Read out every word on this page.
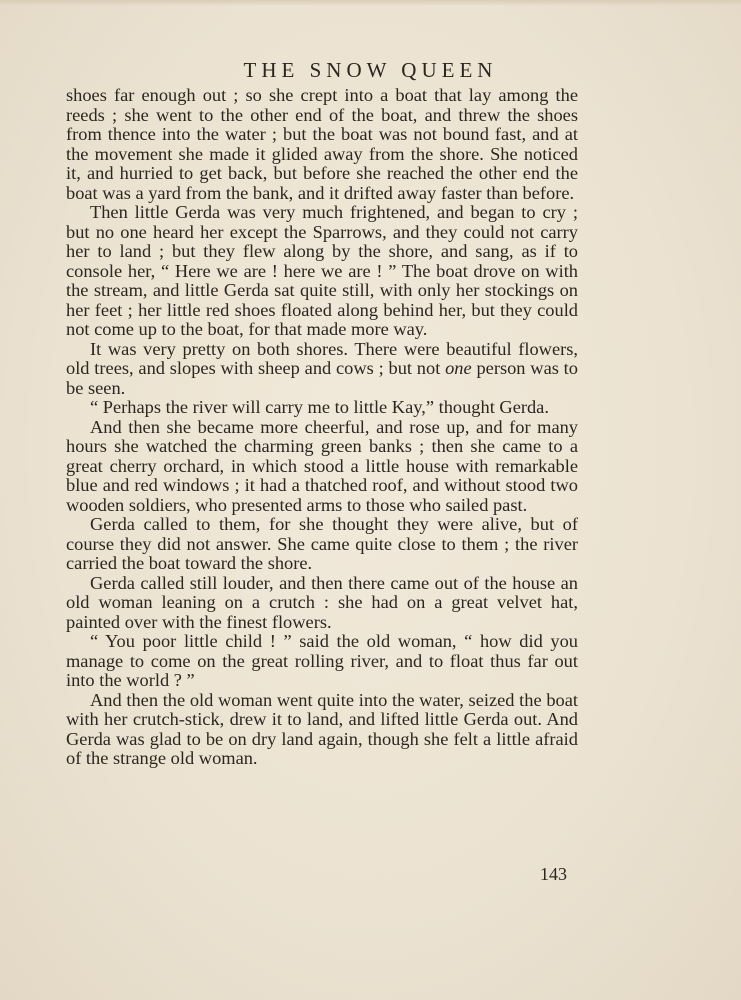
THE SNOW QUEEN

shoes far enough out ; so she crept into a boat that lay among the reeds ; she went to the other end of the boat, and threw the shoes from thence into the water ; but the boat was not bound fast, and at the movement she made it glided away from the shore. She noticed it, and hurried to get back, but before she reached the other end the boat was a yard from the bank, and it drifted away faster than before.

Then little Gerda was very much frightened, and began to cry ; but no one heard her except the Sparrows, and they could not carry her to land ; but they flew along by the shore, and sang, as if to console her, “ Here we are ! here we are ! ” The boat drove on with the stream, and little Gerda sat quite still, with only her stockings on her feet ; her little red shoes floated along behind her, but they could not come up to the boat, for that made more way.

It was very pretty on both shores. There were beautiful flowers, old trees, and slopes with sheep and cows ; but not one person was to be seen.

“ Perhaps the river will carry me to little Kay,” thought Gerda.

And then she became more cheerful, and rose up, and for many hours she watched the charming green banks ; then she came to a great cherry orchard, in which stood a little house with remarkable blue and red windows ; it had a thatched roof, and without stood two wooden soldiers, who presented arms to those who sailed past.

Gerda called to them, for she thought they were alive, but of course they did not answer. She came quite close to them ; the river carried the boat toward the shore.

Gerda called still louder, and then there came out of the house an old woman leaning on a crutch : she had on a great velvet hat, painted over with the finest flowers.

“ You poor little child ! ” said the old woman, “ how did you manage to come on the great rolling river, and to float thus far out into the world ? ”

And then the old woman went quite into the water, seized the boat with her crutch-stick, drew it to land, and lifted little Gerda out. And Gerda was glad to be on dry land again, though she felt a little afraid of the strange old woman.

143
